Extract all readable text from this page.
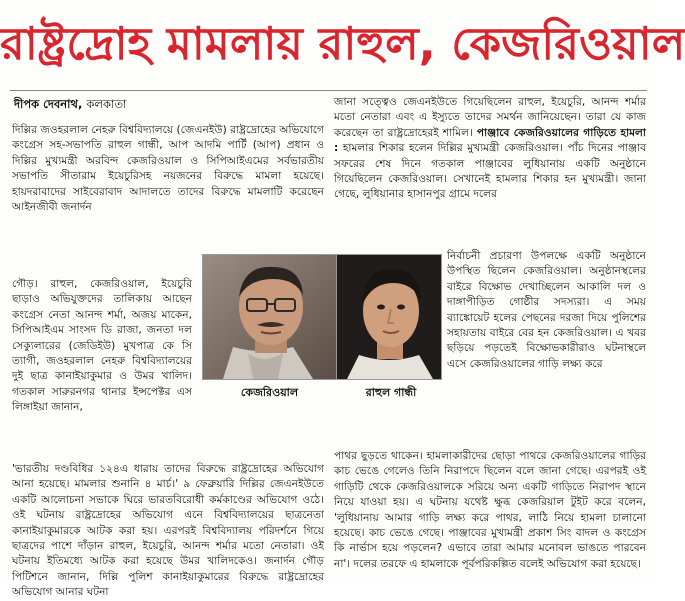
রাষ্ট্রদ্রোহ মামলায় রাহুল, কেজরিওয়াল
দীপক দেবনাথ, কলকাতা

দিল্লির জওহরলাল নেহরু বিশ্ববিদ্যালয়ে (জেএনইউ) রাষ্ট্রদ্রোহের অভিযোগে কংগ্রেস সহ-সভাপতি রাহুল গান্ধী, আপ আদমি পার্টি (আপ) প্রধান ও দিল্লির মুখ্যমন্ত্রী অরবিন্দ কেজরিওয়াল ও সিপিআইএমের সর্বভারতীয় সভাপতি সীতারাম ইয়েচুরিসহ নয়জনের বিরুদ্ধে মামলা হয়েছে। হায়দরাবাদের সাইবেরাবাদ আদালতে তাদের বিরুদ্ধে মামলাটি করেছেন আইনজীবী জনার্দন

গৌড়। রাহুল, কেজরিওয়াল, ইয়েচুরি ছাড়াও অভিযুক্তদের তালিকায় আছেন কংগ্রেস নেতা আনন্দ শর্মা, অজয় মাকেন, সিপিআইএম সাংসদ ডি রাজা, জনতা দল সেক্যুলারের (জেডিইউ) মুখপাত্র কে সি ত্যাগী, জওহরলাল নেহরু বিশ্ববিদ্যালয়ের দুই ছাত্র কানাইয়াকুমার ও উমর খালিদ। গতকাল সারুরনগর থানার ইন্সপেক্টর এস লিঙ্গাইয়া জানান,

'ভারতীয় দণ্ডবিধির ১২৪এ ধারায় তাদের বিরুদ্ধে রাষ্ট্রদ্রোহের অভিযোগ আনা হয়েছে। মামলার শুনানি ৪ মার্চ।' ৯ ফেব্রুয়ারি দিল্লির জেএনইউতে একটি আলোচনা সভাকে ঘিরে ভারতবিরোধী কর্মকাণ্ডের অভিযোগ ওঠে। ওই ঘটনায় রাষ্ট্রদ্রোহের অভিযোগ এনে বিশ্ববিদ্যালয়ের ছাত্রনেতা কানাইয়াকুমারকে আটক করা হয়। এরপরই বিশ্ববিদ্যালয় পরিদর্শনে গিয়ে ছাত্রদের পাশে দাঁড়ান রাহুল, ইয়েচুরি, আনন্দ শর্মার মতো নেতারা। ওই ঘটনায় ইতিমধ্যে আটক করা হয়েছে উমর খালিদকেও। জনার্দন গৌড় পিটিশনে জানান, দিল্লি পুলিশ কানাইয়াকুমারের বিরুদ্ধে রাষ্ট্রদ্রোহের অভিযোগ আনার ঘটনা

জানা সত্ত্বেও জেএনইউতে গিয়েছিলেন রাহুল, ইয়েচুরি, আনন্দ শর্মার মতো নেতারা এবং এ ইস্যুতে তাদের সমর্থন জানিয়েছেন। তারা যে কাজ করেছেন তা রাষ্ট্রদ্রোহেরই শামিল। পাঞ্জাবে কেজরিওয়ালের গাড়িতে হামলা : হামলার শিকার হলেন দিল্লির মুখ্যমন্ত্রী কেজরিওয়াল। পাঁচ দিনের পাঞ্জাব সফরের শেষ দিনে গতকাল পাঞ্জাবের লুধিয়ানায় একটি অনুষ্ঠানে গিয়েছিলেন কেজরিওয়াল। সেখানেই হামলার শিকার হন মুখ্যমন্ত্রী। জানা গেছে, লুধিয়ানার হাসানপুর গ্রামে দলের

নির্বাচনী প্রচারণা উপলক্ষে একটি অনুষ্ঠানে উপস্থিত ছিলেন কেজরিওয়াল। অনুষ্ঠানস্থলের বাইরে বিক্ষোভ দেখাচ্ছিলেন আকালি দল ও দাঙ্গাপীড়িত গোষ্ঠীর সদস্যরা। এ সময় ব্যাঙ্কোয়েট হলের পেছনের দরজা দিয়ে পুলিশের সহায়তায় বাইরে বের হন কেজরিওয়াল। এ খবর ছড়িয়ে পড়তেই বিক্ষোভকারীরাও ঘটনাস্থলে এসে কেজরিওয়ালের গাড়ি লক্ষ্য করে

পাথর ছুড়তে থাকেন। হামলাকারীদের ছোড়া পাথরে কেজরিওয়ালের গাড়ির কাচ ভেঙে গেলেও তিনি নিরাপদে ছিলেন বলে জানা গেছে। এরপরই ওই গাড়িটি থেকে কেজরিওয়ালকে সরিয়ে অন্য একটি গাড়িতে নিরাপদ স্থানে নিয়ে যাওয়া হয়। এ ঘটনায় যথেষ্ট ক্ষুব্ধ কেজরিয়াল টুইট করে বলেন, 'লুধিয়ানায় আমার গাড়ি লক্ষ্য করে পাথর, লাঠি নিয়ে হামলা চালানো হয়েছে। কাচ ভেঙে গেছে। পাঞ্জাবের মুখ্যমন্ত্রী প্রকাশ সিং বাদল ও কংগ্রেস কি নার্ভাস হয়ে পড়লেন? এভাবে তারা আমার মনোবল ভাঙতে পারবেন না'। দলের তরফে এ হামলাকে পূর্বপরিকল্পিত বলেই অভিযোগ করা হয়েছে।

কেজরিওয়াল	রাহুল গান্ধী
